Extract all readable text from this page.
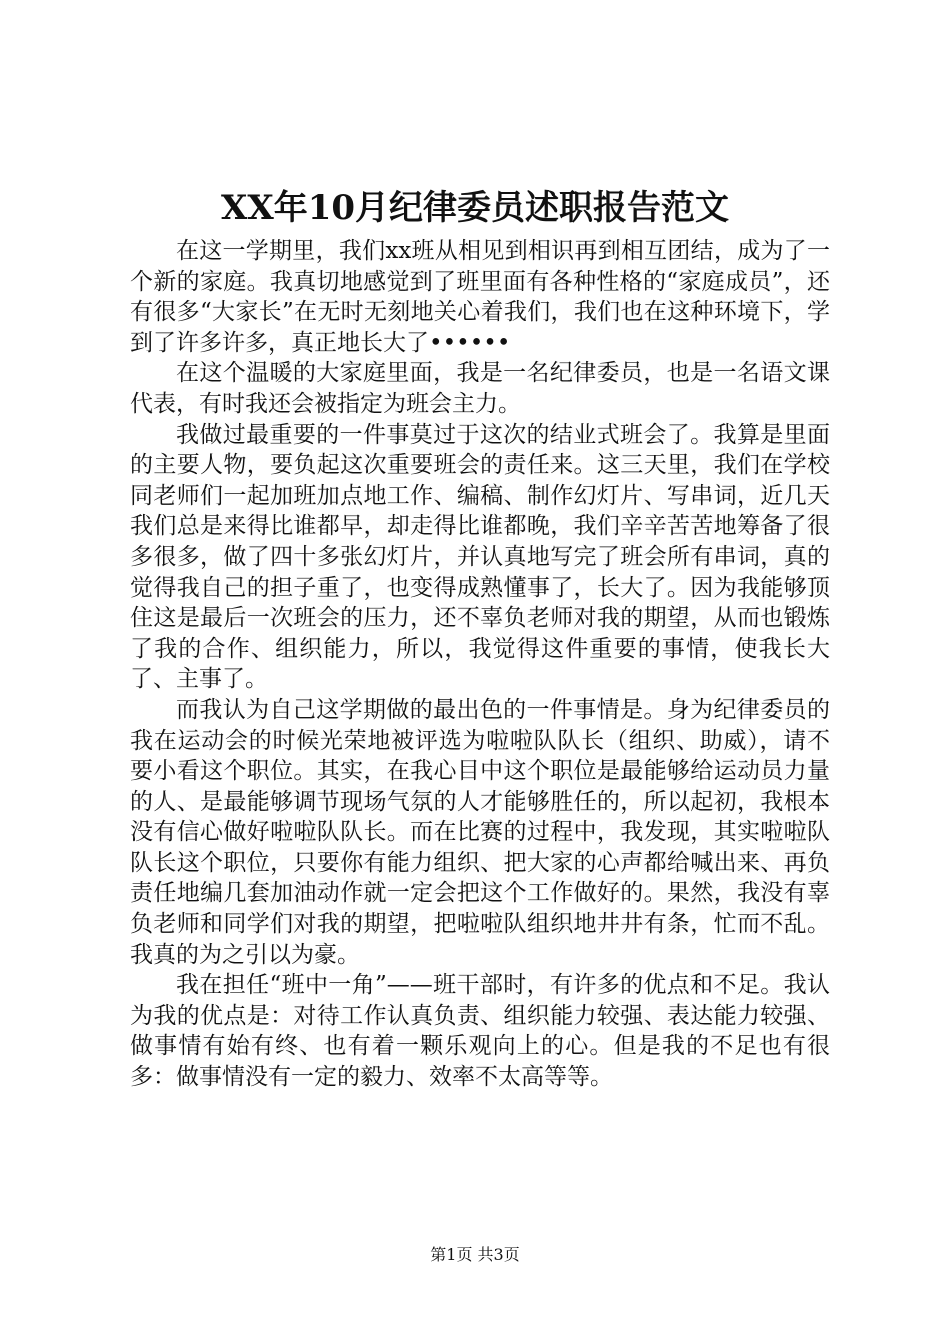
XX年10月纪律委员述职报告范文

在这一学期里，我们xx班从相见到相识再到相互团结，成为了一个新的家庭。我真切地感觉到了班里面有各种性格的“家庭成员”，还有很多“大家长”在无时无刻地关心着我们，我们也在这种环境下，学到了许多许多，真正地长大了••••••

在这个温暖的大家庭里面，我是一名纪律委员，也是一名语文课代表，有时我还会被指定为班会主力。

我做过最重要的一件事莫过于这次的结业式班会了。我算是里面的主要人物，要负起这次重要班会的责任来。这三天里，我们在学校同老师们一起加班加点地工作、编稿、制作幻灯片、写串词，近几天我们总是来得比谁都早，却走得比谁都晚，我们辛辛苦苦地筹备了很多很多，做了四十多张幻灯片，并认真地写完了班会所有串词，真的觉得我自己的担子重了，也变得成熟懂事了，长大了。因为我能够顶住这是最后一次班会的压力，还不辜负老师对我的期望，从而也锻炼了我的合作、组织能力，所以，我觉得这件重要的事情，使我长大了、主事了。

而我认为自己这学期做的最出色的一件事情是。身为纪律委员的我在运动会的时候光荣地被评选为啦啦队队长（组织、助威），请不要小看这个职位。其实，在我心目中这个职位是最能够给运动员力量的人、是最能够调节现场气氛的人才能够胜任的，所以起初，我根本没有信心做好啦啦队队长。而在比赛的过程中，我发现，其实啦啦队队长这个职位，只要你有能力组织、把大家的心声都给喊出来、再负责任地编几套加油动作就一定会把这个工作做好的。果然，我没有辜负老师和同学们对我的期望，把啦啦队组织地井井有条，忙而不乱。我真的为之引以为豪。

我在担任“班中一角”——班干部时，有许多的优点和不足。我认为我的优点是：对待工作认真负责、组织能力较强、表达能力较强、做事情有始有终、也有着一颗乐观向上的心。但是我的不足也有很多：做事情没有一定的毅力、效率不太高等等。

第1页 共3页
